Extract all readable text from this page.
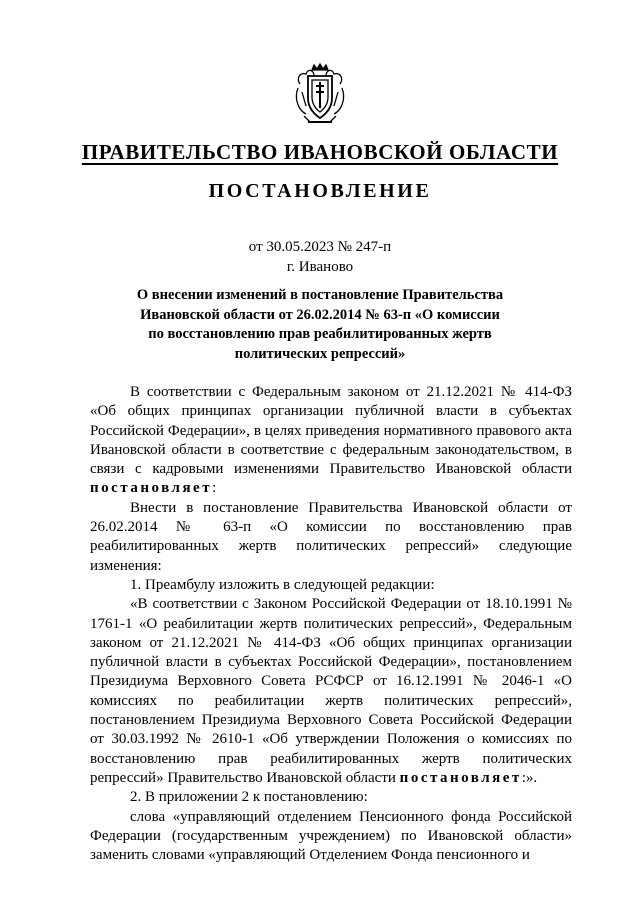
ПРАВИТЕЛЬСТВО ИВАНОВСКОЙ ОБЛАСТИ
ПОСТАНОВЛЕНИЕ
от 30.05.2023 № 247-п
г. Иваново
О внесении изменений в постановление Правительства
Ивановской области от 26.02.2014 № 63-п «О комиссии
по восстановлению прав реабилитированных жертв
политических репрессий»

В соответствии с Федеральным законом от 21.12.2021 № 414-ФЗ «Об общих принципах организации публичной власти в субъектах Российской Федерации», в целях приведения нормативного правового акта Ивановской области в соответствие с федеральным законодательством, в связи с кадровыми изменениями Правительство Ивановской области постановляет:

Внести в постановление Правительства Ивановской области от 26.02.2014 № 63-п «О комиссии по восстановлению прав реабилитированных жертв политических репрессий» следующие изменения:

1. Преамбулу изложить в следующей редакции:

«В соответствии с Законом Российской Федерации от 18.10.1991 № 1761-1 «О реабилитации жертв политических репрессий», Федеральным законом от 21.12.2021 № 414-ФЗ «Об общих принципах организации публичной власти в субъектах Российской Федерации», постановлением Президиума Верховного Совета РСФСР от 16.12.1991 № 2046-1 «О комиссиях по реабилитации жертв политических репрессий», постановлением Президиума Верховного Совета Российской Федерации от 30.03.1992 № 2610-1 «Об утверждении Положения о комиссиях по восстановлению прав реабилитированных жертв политических репрессий» Правительство Ивановской области постановляет:».

2. В приложении 2 к постановлению:

слова «управляющий отделением Пенсионного фонда Российской Федерации (государственным учреждением) по Ивановской области» заменить словами «управляющий Отделением Фонда пенсионного и
